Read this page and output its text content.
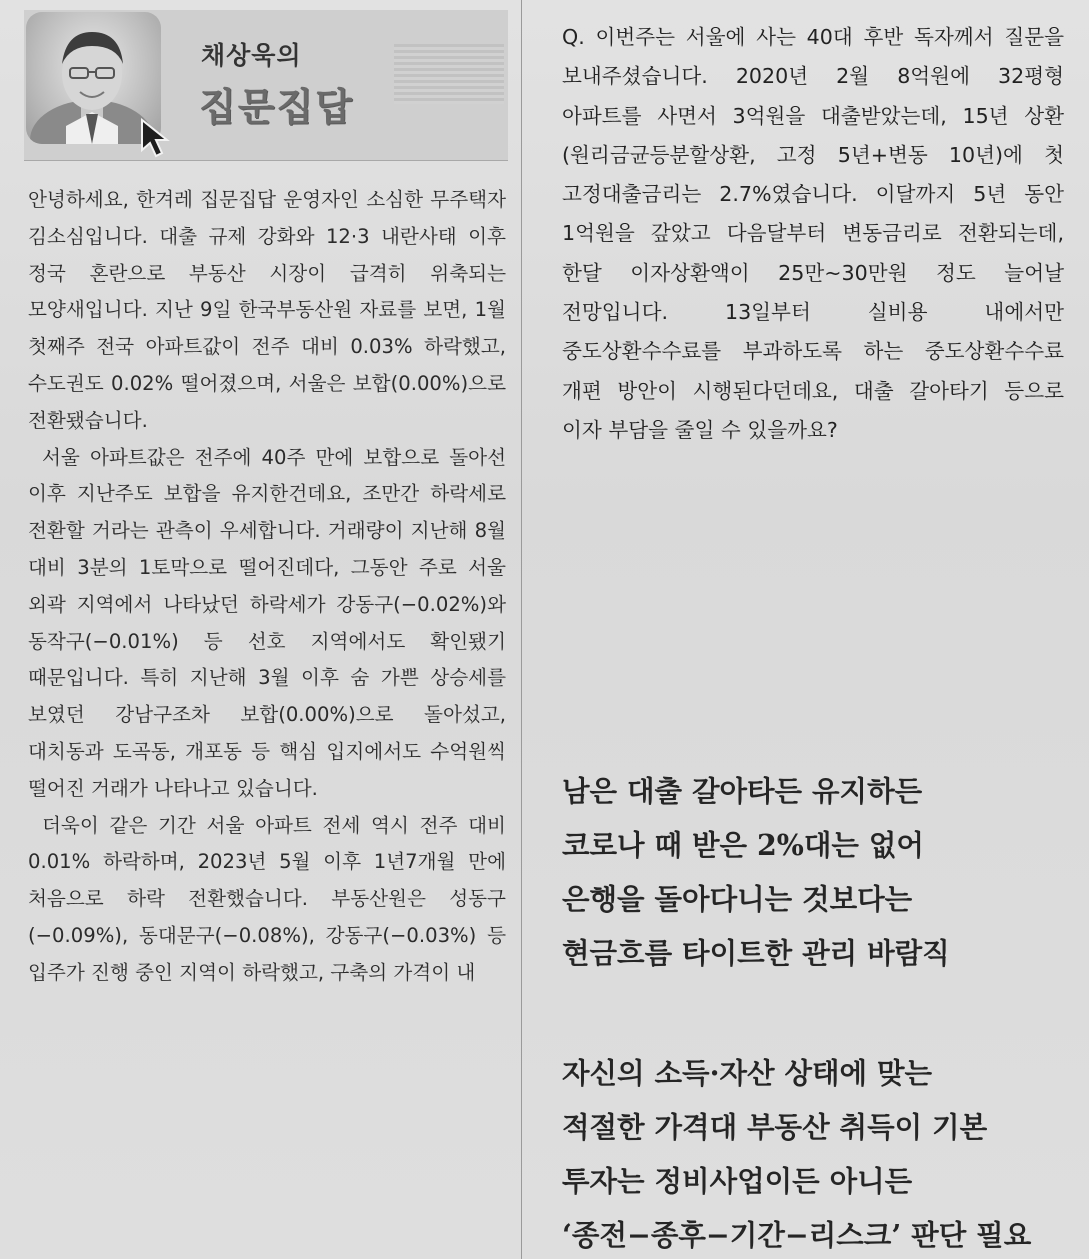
채상욱의
집문집답

안녕하세요, 한겨레 집문집답 운영자인 소심한 무주택자 김소심입니다. 대출 규제 강화와 12·3 내란사태 이후 정국 혼란으로 부동산 시장이 급격히 위축되는 모양새입니다. 지난 9일 한국부동산원 자료를 보면, 1월 첫째주 전국 아파트값이 전주 대비 0.03% 하락했고, 수도권도 0.02% 떨어졌으며, 서울은 보합(0.00%)으로 전환됐습니다.

서울 아파트값은 전주에 40주 만에 보합으로 돌아선 이후 지난주도 보합을 유지한건데요, 조만간 하락세로 전환할 거라는 관측이 우세합니다. 거래량이 지난해 8월 대비 3분의 1토막으로 떨어진데다, 그동안 주로 서울 외곽 지역에서 나타났던 하락세가 강동구(−0.02%)와 동작구(−0.01%) 등 선호 지역에서도 확인됐기 때문입니다. 특히 지난해 3월 이후 숨 가쁜 상승세를 보였던 강남구조차 보합(0.00%)으로 돌아섰고, 대치동과 도곡동, 개포동 등 핵심 입지에서도 수억원씩 떨어진 거래가 나타나고 있습니다.

더욱이 같은 기간 서울 아파트 전세 역시 전주 대비 0.01% 하락하며, 2023년 5월 이후 1년7개월 만에 처음으로 하락 전환했습니다. 부동산원은 성동구(−0.09%), 동대문구(−0.08%), 강동구(−0.03%) 등 입주가 진행 중인 지역이 하락했고, 구축의 가격이 내

Q. 이번주는 서울에 사는 40대 후반 독자께서 질문을 보내주셨습니다. 2020년 2월 8억원에 32평형 아파트를 사면서 3억원을 대출받았는데, 15년 상환(원리금균등분할상환, 고정 5년+변동 10년)에 첫 고정대출금리는 2.7%였습니다. 이달까지 5년 동안 1억원을 갚았고 다음달부터 변동금리로 전환되는데, 한달 이자상환액이 25만~30만원 정도 늘어날 전망입니다. 13일부터 실비용 내에서만 중도상환수수료를 부과하도록 하는 중도상환수수료 개편 방안이 시행된다던데요, 대출 갈아타기 등으로 이자 부담을 줄일 수 있을까요?

남은 대출 갈아타든 유지하든
코로나 때 받은 2%대는 없어
은행을 돌아다니는 것보다는
현금흐름 타이트한 관리 바람직
자신의 소득·자산 상태에 맞는
적절한 가격대 부동산 취득이 기본
투자는 정비사업이든 아니든
‘종전−종후−기간−리스크’ 판단 필요
